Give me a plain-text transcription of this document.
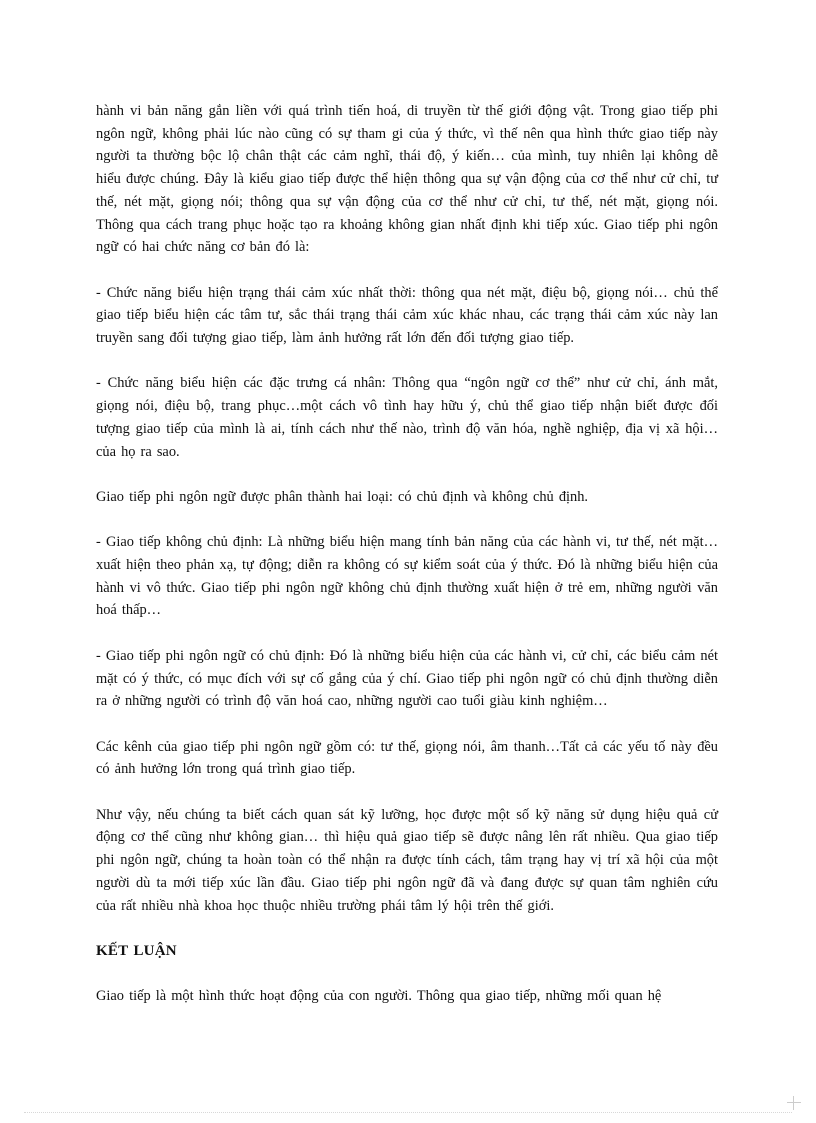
hành vi bản năng gắn liền với quá trình tiến hoá, di truyền từ thế giới động vật. Trong giao tiếp phi ngôn ngữ, không phải lúc nào cũng có sự tham gi của ý thức, vì thế nên qua hình thức giao tiếp này người ta thường bộc lộ chân thật các cảm nghĩ, thái độ, ý kiến… của mình, tuy nhiên lại không dễ hiểu được chúng. Đây là kiểu giao tiếp được thể hiện thông qua sự vận động của cơ thể như cử chỉ, tư thế, nét mặt, giọng nói; thông qua sự vận động của cơ thể như cử chỉ, tư thế, nét mặt, giọng nói. Thông qua cách trang phục hoặc tạo ra khoảng không gian nhất định khi tiếp xúc. Giao tiếp phi ngôn ngữ có hai chức năng cơ bản đó là:

- Chức năng biểu hiện trạng thái cảm xúc nhất thời: thông qua nét mặt, điệu bộ, giọng nói… chủ thể giao tiếp biểu hiện các tâm tư, sắc thái trạng thái cảm xúc khác nhau, các trạng thái cảm xúc này lan truyền sang đối tượng giao tiếp, làm ảnh hưởng rất lớn đến đối tượng giao tiếp.

- Chức năng biểu hiện các đặc trưng cá nhân: Thông qua “ngôn ngữ cơ thể” như cử chỉ, ánh mắt, giọng nói, điệu bộ, trang phục…một cách vô tình hay hữu ý, chủ thể giao tiếp nhận biết được đối tượng giao tiếp của mình là ai, tính cách như thế nào, trình độ văn hóa, nghề nghiệp, địa vị xã hội…của họ ra sao.

Giao tiếp phi ngôn ngữ được phân thành hai loại: có chủ định và không chủ định.

- Giao tiếp không chủ định: Là những biểu hiện mang tính bản năng của các hành vi, tư thế, nét mặt…xuất hiện theo phản xạ, tự động; diễn ra không có sự kiểm soát của ý thức. Đó là những biểu hiện của hành vi vô thức. Giao tiếp phi ngôn ngữ không chủ định thường xuất hiện ở trẻ em, những người văn hoá thấp…

- Giao tiếp phi ngôn ngữ có chủ định: Đó là những biểu hiện của các hành vi, cử chỉ, các biểu cảm nét mặt có ý thức, có mục đích với sự cố gắng của ý chí. Giao tiếp phi ngôn ngữ có chủ định thường diễn ra ở những người có trình độ văn hoá cao, những người cao tuổi giàu kinh nghiệm…

Các kênh của giao tiếp phi ngôn ngữ gồm có: tư thế, giọng nói, âm thanh…Tất cả các yếu tố này đều có ảnh hưởng lớn trong quá trình giao tiếp.

Như vậy, nếu chúng ta biết cách quan sát kỹ lưỡng, học được một số kỹ năng sử dụng hiệu quả cử động cơ thể cũng như không gian… thì hiệu quả giao tiếp sẽ được nâng lên rất nhiều. Qua giao tiếp phi ngôn ngữ, chúng ta hoàn toàn có thể nhận ra được tính cách, tâm trạng hay vị trí xã hội của một người dù ta mới tiếp xúc lần đầu. Giao tiếp phi ngôn ngữ đã và đang được sự quan tâm nghiên cứu của rất nhiều nhà khoa học thuộc nhiều trường phái tâm lý hội trên thế giới.

KẾT LUẬN

Giao tiếp là một hình thức hoạt động của con người. Thông qua giao tiếp, những mối quan hệ
